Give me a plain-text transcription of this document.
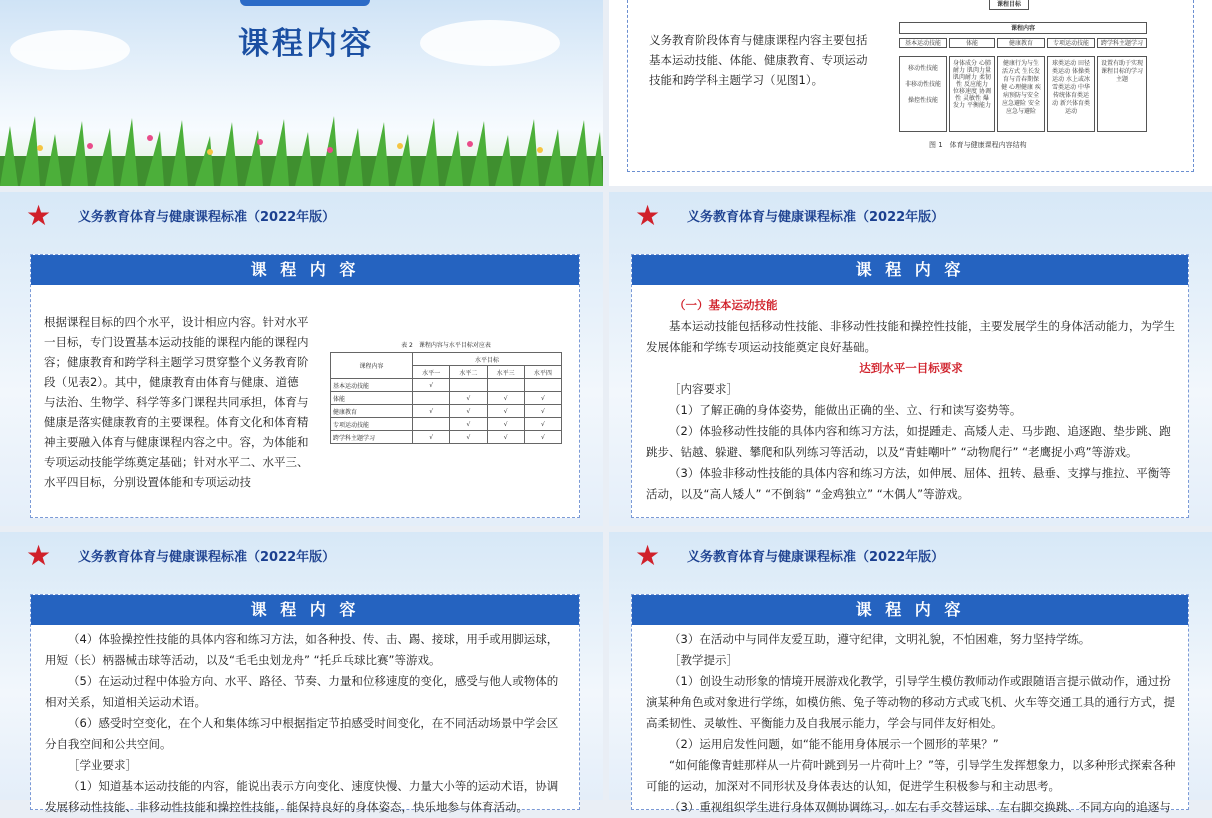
课程内容	义务教育阶段体育与健康课程内容主要包括基本运动技能、体能、健康教育、专项运动技能和跨学科主题学习（见图1）。
课程目标
课程内容
基本运动技能	体能	健康教育	专项运动技能	跨学科主题学习
移动性技能
非移动性技能
操控性技能
身体成分 心肺耐力 肌肉力量 肌肉耐力 柔韧性 反应能力 位移速度 协调性 灵敏性 爆发力 平衡能力
健康行为与生活方式 生长发育与青春期保健 心理健康 疾病预防与安全 应急避险 安全应急与避险
球类运动 田径类运动 体操类运动 水上或冰雪类运动 中华传统体育类运动 新兴体育类运动
设置有助于实现课程目标的学习主题
图 1　体育与健康课程内容结构
★ 义务教育体育与健康课程标准（2022年版）
课 程 内 容
根据课程目标的四个水平，设计相应内容。针对水平一目标，专门设置基本运动技能的课程内能的课程内容；健康教育和跨学科主题学习贯穿整个义务教育阶段（见表2）。其中，健康教育由体育与健康、道德与法治、生物学、科学等多门课程共同承担，体育与健康是落实健康教育的主要课程。体育文化和体育精神主要融入体育与健康课程内容之中。容，为体能和专项运动技能学练奠定基础；针对水平二、水平三、水平四目标，分别设置体能和专项运动技
表 2　课程内容与水平目标对应表
课程内容	水平目标			
	水平一	水平二	水平三	水平四
基本运动技能	√			
体能		√	√	√
健康教育	√	√	√	√
专项运动技能		√	√	√
跨学科主题学习	√	√	√	√
★ 义务教育体育与健康课程标准（2022年版）
课 程 内 容
（一）基本运动技能
基本运动技能包括移动性技能、非移动性技能和操控性技能，主要发展学生的身体活动能力，为学生发展体能和学练专项运动技能奠定良好基础。
达到水平一目标要求
［内容要求］
（1）了解正确的身体姿势，能做出正确的坐、立、行和读写姿势等。
（2）体验移动性技能的具体内容和练习方法，如提踵走、高矮人走、马步跑、追逐跑、垫步跳、跑跳步、钻越、躲避、攀爬和队列练习等活动，以及“青蛙嘲叶” “动物爬行” “老鹰捉小鸡”等游戏。
（3）体验非移动性技能的具体内容和练习方法，如伸展、屈体、扭转、悬垂、支撑与推拉、平衡等活动，以及“高人矮人” “不倒翁” “金鸡独立” “木偶人”等游戏。
★ 义务教育体育与健康课程标准（2022年版）
课 程 内 容

（4）体验操控性技能的具体内容和练习方法，如各种投、传、击、踢、接球，用手或用脚运球，用短（长）柄器械击球等活动，以及“毛毛虫划龙舟” “托乒乓球比赛”等游戏。

（5）在运动过程中体验方向、水平、路径、节奏、力量和位移速度的变化，感受与他人或物体的相对关系，知道相关运动术语。

（6）感受时空变化，在个人和集体练习中根据指定节拍感受时间变化，在不同活动场景中学会区分自我空间和公共空间。

［学业要求］

（1）知道基本运动技能的内容，能说出表示方向变化、速度快慢、力量大小等的运动术语，协调发展移动性技能、非移动性技能和操控性技能，能保持良好的身体姿态，快乐地参与体育活动。

★ 义务教育体育与健康课程标准（2022年版）
课 程 内 容

（3）在活动中与同伴友爱互助，遵守纪律，文明礼貌，不怕困难，努力坚持学练。

［教学提示］

（1）创设生动形象的情境开展游戏化教学，引导学生模仿教师动作或跟随语言提示做动作，通过扮演某种角色或对象进行学练，如模仿熊、兔子等动物的移动方式或飞机、火车等交通工具的通行方式，提高柔韧性、灵敏性、平衡能力及自我展示能力，学会与同伴友好相处。

（2）运用启发性问题，如“能不能用身体展示一个圆形的苹果？”

“如何能像青蛙那样从一片荷叶跳到另一片荷叶上？”等，引导学生发挥想象力，以多种形式探索各种可能的运动，加深对不同形状及身体表达的认知，促进学生积极参与和主动思考。

（3）重视组织学生进行身体双侧协调练习，如左右手交替运球、左右脚交换跳、不同方向的追逐与
